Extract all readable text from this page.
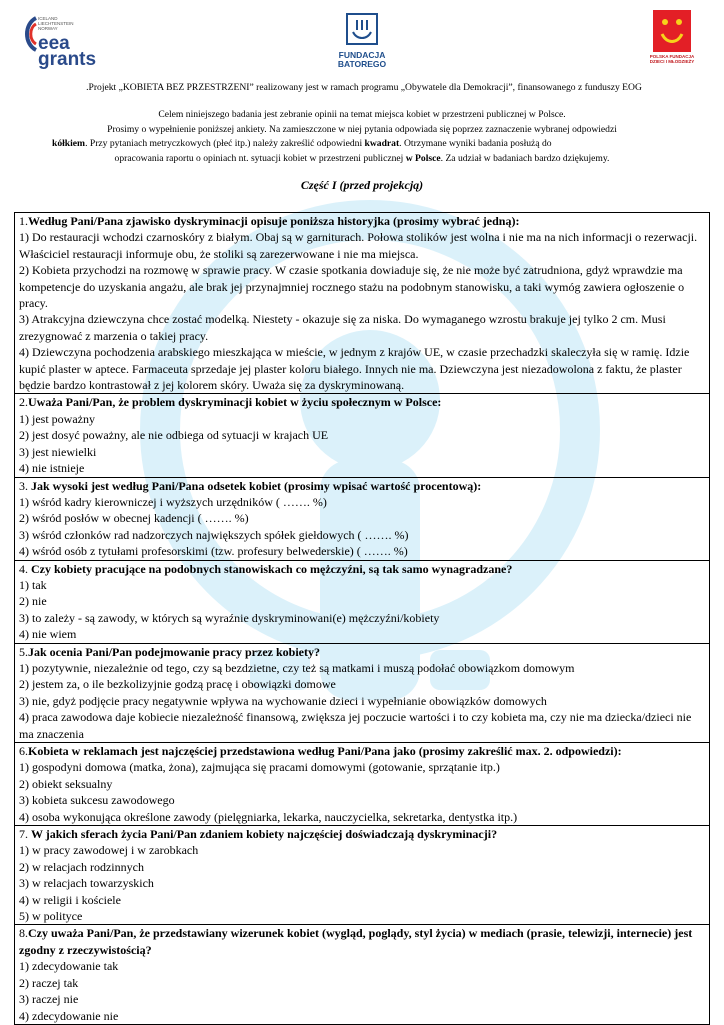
ICELAND
LIECHTENSTEIN
NORWAY
eea
grants	FUNDACJA
BATOREGO
POLSKA FUNDACJA
DZIECI I MŁODZIEŻY
.Projekt „KOBIETA BEZ PRZESTRZENI” realizowany jest w ramach programu „Obywatele dla Demokracji”, finansowanego z funduszy EOG
Celem niniejszego badania jest zebranie opinii na temat miejsca kobiet w przestrzeni publicznej w Polsce.
Prosimy o wypełnienie poniższej ankiety. Na zamieszczone w niej pytania odpowiada się poprzez zaznaczenie wybranej odpowiedzi
kółkiem. Przy pytaniach metryczkowych (płeć itp.) należy zakreślić odpowiedni kwadrat. Otrzymane wyniki badania posłużą do
opracowania raportu o opiniach nt. sytuacji kobiet w przestrzeni publicznej w Polsce. Za udział w badaniach bardzo dziękujemy.
Część I (przed projekcją)
1.Według Pani/Pana zjawisko dyskryminacji opisuje poniższa historyjka (prosimy wybrać jedną):
1) Do restauracji wchodzi czarnoskóry z białym. Obaj są w garniturach. Połowa stolików jest wolna i nie ma na nich informacji o rezerwacji. Właściciel restauracji informuje obu, że stoliki są zarezerwowane i nie ma miejsca.
2) Kobieta przychodzi na rozmowę w sprawie pracy. W czasie spotkania dowiaduje się, że nie może być zatrudniona, gdyż wprawdzie ma kompetencje do uzyskania angażu, ale brak jej przynajmniej rocznego stażu na podobnym stanowisku, a taki wymóg zawiera ogłoszenie o pracy.
3) Atrakcyjna dziewczyna chce zostać modelką. Niestety - okazuje się za niska. Do wymaganego wzrostu brakuje jej tylko 2 cm. Musi zrezygnować z marzenia o takiej pracy.
4) Dziewczyna pochodzenia arabskiego mieszkająca w mieście, w jednym z krajów UE, w czasie przechadzki skaleczyła się w ramię. Idzie kupić plaster w aptece. Farmaceuta sprzedaje jej plaster koloru białego. Innych nie ma. Dziewczyna jest niezadowolona z faktu, że plaster będzie bardzo kontrastował z jej kolorem skóry. Uważa się za dyskryminowaną.

2.Uważa Pani/Pan, że problem dyskryminacji kobiet w życiu społecznym w Polsce:
1) jest poważny
2) jest dosyć poważny, ale nie odbiega od sytuacji w krajach UE
3) jest niewielki
4) nie istnieje

3. Jak wysoki jest według Pani/Pana odsetek kobiet (prosimy wpisać wartość procentową):
1) wśród kadry kierowniczej i wyższych urzędników ( ……. %)
2) wśród posłów w obecnej kadencji ( ……. %)
3) wśród członków rad nadzorczych największych spółek giełdowych ( ……. %)
4) wśród osób z tytułami profesorskimi (tzw. profesury belwederskie) ( ……. %)

4. Czy kobiety pracujące na podobnych stanowiskach co mężczyźni, są tak samo wynagradzane?
1) tak
2) nie
3) to zależy - są zawody, w których są wyraźnie dyskryminowani(e) mężczyźni/kobiety
4) nie wiem

5.Jak ocenia Pani/Pan podejmowanie pracy przez kobiety?
1) pozytywnie, niezależnie od tego, czy są bezdzietne, czy też są matkami i muszą podołać obowiązkom domowym
2) jestem za, o ile bezkolizyjnie godzą pracę i obowiązki domowe
3) nie, gdyż podjęcie pracy negatywnie wpływa na wychowanie dzieci i wypełnianie obowiązków domowych
4) praca zawodowa daje kobiecie niezależność finansową, zwiększa jej poczucie wartości i to czy kobieta ma, czy nie ma dziecka/dzieci nie ma znaczenia

6.Kobieta w reklamach jest najczęściej przedstawiona według Pani/Pana jako (prosimy zakreślić max. 2. odpowiedzi):
1) gospodyni domowa (matka, żona), zajmująca się pracami domowymi (gotowanie, sprzątanie itp.)
2) obiekt seksualny
3) kobieta sukcesu zawodowego
4) osoba wykonująca określone zawody (pielęgniarka, lekarka, nauczycielka, sekretarka, dentystka itp.)

7. W jakich sferach życia Pani/Pan zdaniem kobiety najczęściej doświadczają dyskryminacji?
1) w pracy zawodowej i w zarobkach
2) w relacjach rodzinnych
3) w relacjach towarzyskich
4) w religii i kościele
5) w polityce

8.Czy uważa Pani/Pan, że przedstawiany wizerunek kobiet (wygląd, poglądy, styl życia) w mediach (prasie, telewizji, internecie) jest zgodny z rzeczywistością?
1) zdecydowanie tak
2) raczej tak
3) raczej nie
4) zdecydowanie nie
